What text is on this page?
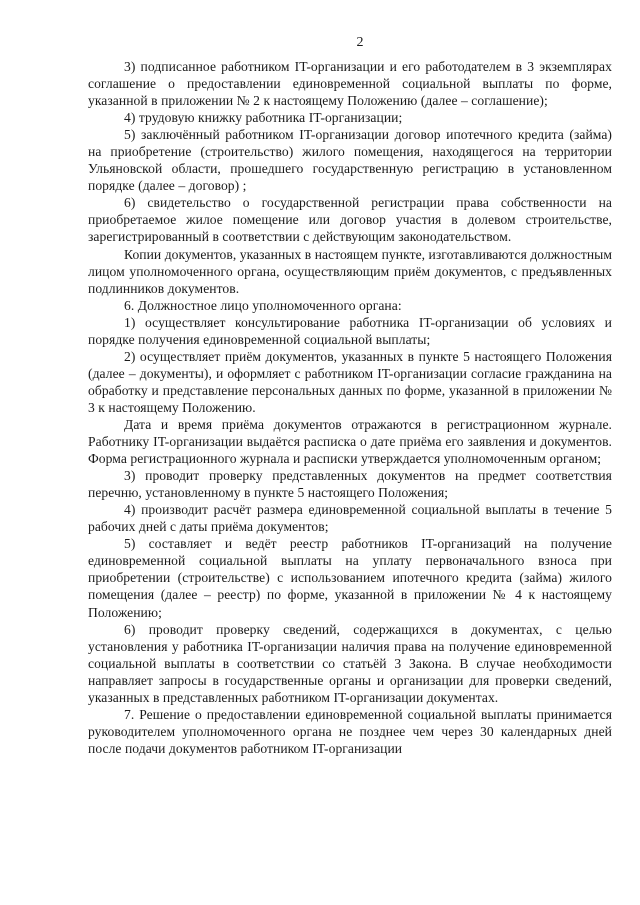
2

3) подписанное работником IT-организации и его работодателем в 3 экземплярах соглашение о предоставлении единовременной социальной выплаты по форме, указанной в приложении № 2 к настоящему Положению (далее – соглашение);

4) трудовую книжку работника IT-организации;

5) заключённый работником IT-организации договор ипотечного кредита (займа) на приобретение (строительство) жилого помещения, находящегося на территории Ульяновской области, прошедшего государственную регистрацию в установленном порядке (далее – договор) ;

6) свидетельство о государственной регистрации права собственности на приобретаемое жилое помещение или договор участия в долевом строительстве, зарегистрированный в соответствии с действующим законодательством.

Копии документов, указанных в настоящем пункте, изготавливаются должностным лицом уполномоченного органа, осуществляющим приём документов, с предъявленных подлинников документов.

6. Должностное лицо уполномоченного органа:

1) осуществляет консультирование работника IT-организации об условиях и порядке получения единовременной социальной выплаты;

2) осуществляет приём документов, указанных в пункте 5 настоящего Положения (далее – документы), и оформляет с работником IT-организации согласие гражданина на обработку и представление персональных данных по форме, указанной в приложении № 3 к настоящему Положению.

Дата и время приёма документов отражаются в регистрационном журнале. Работнику IT-организации выдаётся расписка о дате приёма его заявления и документов. Форма регистрационного журнала и расписки утверждается уполномоченным органом;

3) проводит проверку представленных документов на предмет соответствия перечню, установленному в пункте 5 настоящего Положения;

4) производит расчёт размера единовременной социальной выплаты в течение 5 рабочих дней с даты приёма документов;

5) составляет и ведёт реестр работников IT-организаций на получение единовременной социальной выплаты на уплату первоначального взноса при приобретении (строительстве) с использованием ипотечного кредита (займа) жилого помещения (далее – реестр) по форме, указанной в приложении № 4 к настоящему Положению;

6) проводит проверку сведений, содержащихся в документах, с целью установления у работника IT-организации наличия права на получение единовременной социальной выплаты в соответствии со статьёй 3 Закона. В случае необходимости направляет запросы в государственные органы и организации для проверки сведений, указанных в представленных работником IT-организации документах.

7. Решение о предоставлении единовременной социальной выплаты принимается руководителем уполномоченного органа не позднее чем через 30 календарных дней после подачи документов работником IT-организации
